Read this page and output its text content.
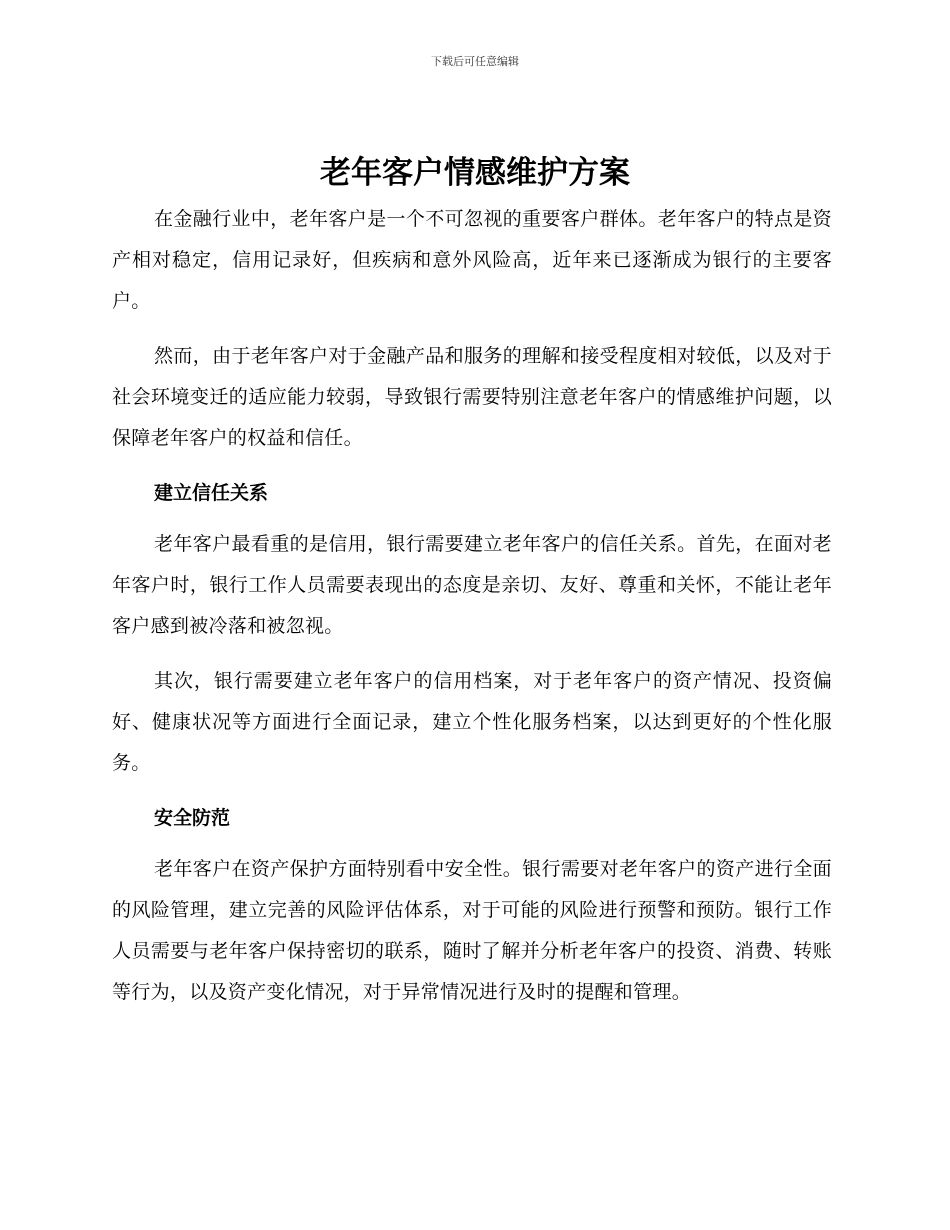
下载后可任意编辑
老年客户情感维护方案

在金融行业中，老年客户是一个不可忽视的重要客户群体。老年客户的特点是资产相对稳定，信用记录好，但疾病和意外风险高，近年来已逐渐成为银行的主要客户。

然而，由于老年客户对于金融产品和服务的理解和接受程度相对较低，以及对于社会环境变迁的适应能力较弱，导致银行需要特别注意老年客户的情感维护问题，以保障老年客户的权益和信任。

建立信任关系

老年客户最看重的是信用，银行需要建立老年客户的信任关系。首先，在面对老年客户时，银行工作人员需要表现出的态度是亲切、友好、尊重和关怀，不能让老年客户感到被冷落和被忽视。

其次，银行需要建立老年客户的信用档案，对于老年客户的资产情况、投资偏好、健康状况等方面进行全面记录，建立个性化服务档案，以达到更好的个性化服务。

安全防范

老年客户在资产保护方面特别看中安全性。银行需要对老年客户的资产进行全面的风险管理，建立完善的风险评估体系，对于可能的风险进行预警和预防。银行工作人员需要与老年客户保持密切的联系，随时了解并分析老年客户的投资、消费、转账等行为，以及资产变化情况，对于异常情况进行及时的提醒和管理。
